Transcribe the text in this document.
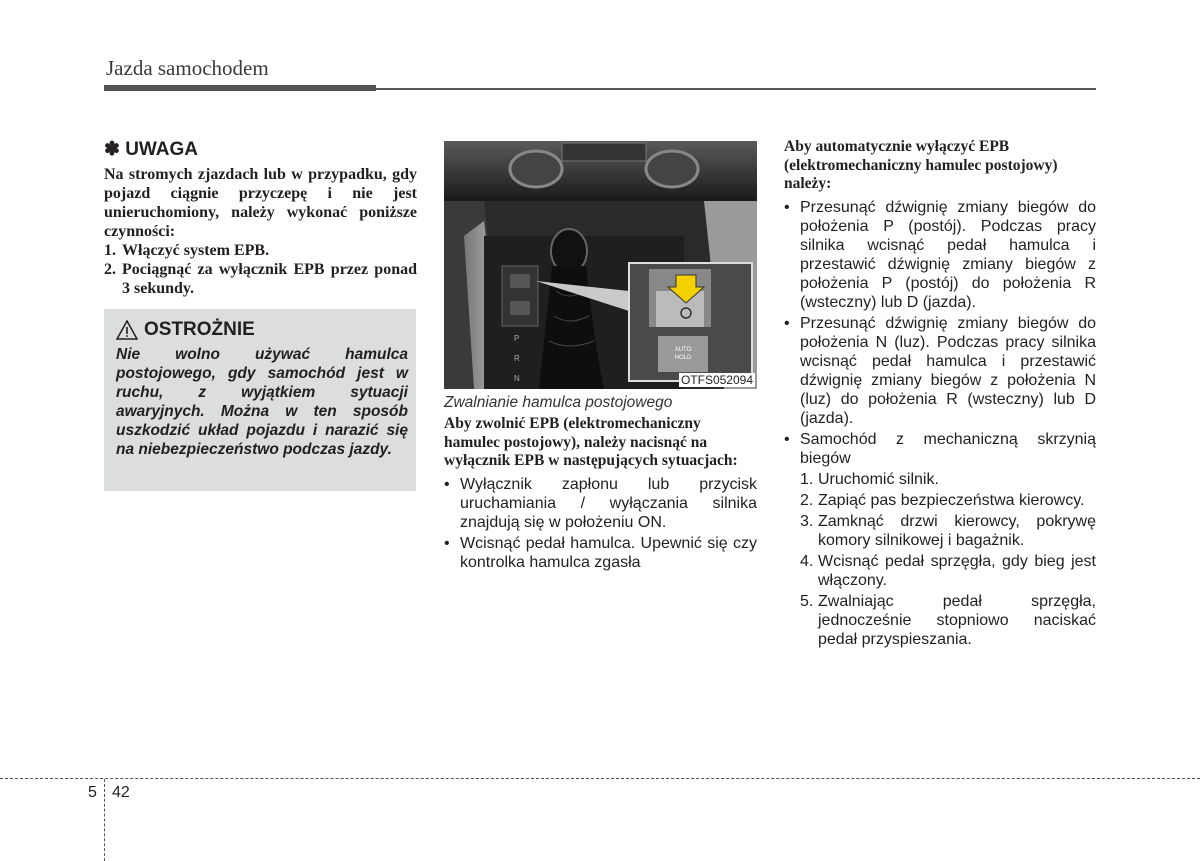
Jazda samochodem
✽ UWAGA

Na stromych zjazdach lub w przypadku, gdy pojazd ciągnie przyczepę i nie jest unieruchomiony, należy wykonać poniższe czynności:

1. Włączyć system EPB.
2. Pociągnąć za wyłącznik EPB przez ponad 3 sekundy.
OSTROŻNIE
Nie wolno używać hamulca postojowego, gdy samochód jest w ruchu, z wyjątkiem sytuacji awaryjnych. Można w ten sposób uszkodzić układ pojazdu i narazić się na niebezpieczeństwo podczas jazdy.
P
R
N
AUTO
HOLD
OTFS052094
Zwalnianie hamulca postojowego

Aby zwolnić EPB (elektromechaniczny hamulec postojowy), należy nacisnąć na wyłącznik EPB w następujących sytuacjach:

• Wyłącznik zapłonu lub przycisk uruchamiania / wyłączania silnika znajdują się w położeniu ON.
• Wcisnąć pedał hamulca. Upewnić się czy kontrolka hamulca zgasła

Aby automatycznie wyłączyć EPB (elektromechaniczny hamulec postojowy) należy:

• Przesunąć dźwignię zmiany biegów do położenia P (postój). Podczas pracy silnika wcisnąć pedał hamulca i przestawić dźwignię zmiany biegów z położenia P (postój) do położenia R (wsteczny) lub D (jazda).
• Przesunąć dźwignię zmiany biegów do położenia N (luz). Podczas pracy silnika wcisnąć pedał hamulca i przestawić dźwignię zmiany biegów z położenia N (luz) do położenia R (wsteczny) lub D (jazda).
• Samochód z mechaniczną skrzynią biegów
1. Uruchomić silnik.
2. Zapiąć pas bezpieczeństwa kierowcy.
3. Zamknąć drzwi kierowcy, pokrywę komory silnikowej i bagażnik.
4. Wcisnąć pedał sprzęgła, gdy bieg jest włączony.
5. Zwalniając pedał sprzęgła, jednocześnie stopniowo naciskać pedał przyspieszania.
5 42
